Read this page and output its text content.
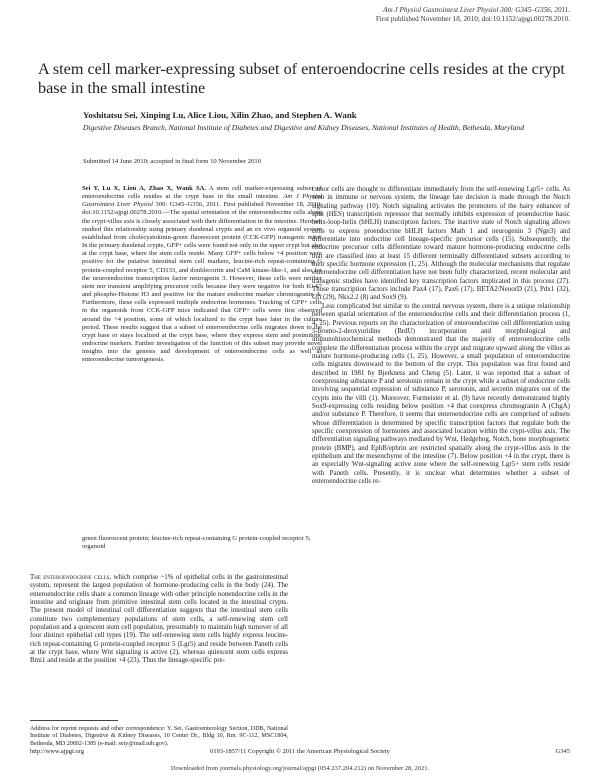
Am J Physiol Gastrointest Liver Physiol 300: G345–G356, 2011.
First published November 18, 2010; doi:10.1152/ajpgi.00278.2010.
A stem cell marker-expressing subset of enteroendocrine cells resides at the crypt base in the small intestine
Yoshitatsu Sei, Xinping Lu, Alice Liou, Xilin Zhao, and Stephen A. Wank
Digestive Diseases Branch, National Institute of Diabetes and Digestive and Kidney Diseases, National Institutes of Health, Bethesda, Maryland
Submitted 14 June 2010; accepted in final form 10 November 2010
Sei Y, Lu X, Liou A, Zhao X, Wank SA. A stem cell marker-expressing subset of enteroendocrine cells resides at the crypt base in the small intestine. Am J Physiol Gastrointest Liver Physiol 300: G345–G356, 2011. First published November 18, 2010; doi:10.1152/ajpgi.00278.2010.—The spatial orientation of the enteroendocrine cells along the crypt-villus axis is closely associated with their differentiation in the intestine. Here we studied this relationship using primary duodenal crypts and an ex vivo organoid system established from cholecystokinin-green fluorescent protein (CCK-GFP) transgenic mice. In the primary duodenal crypts, GFP+ cells were found not only in the upper crypt but also at the crypt base, where the stem cells reside. Many GFP+ cells below +4 position were positive for the putative intestinal stem cell markers, leucine-rich repeat-containing G protein-coupled receptor 5, CD133, and doublecortin and CaM kinase-like-1, and also for the neuroendocrine transcription factor neurogenin 3. However, these cells were neither stem nor transient amplifying precursor cells because they were negative for both Ki-67 and phospho-Histone H3 and positive for the mature endocrine marker chromogranin A. Furthermore, these cells expressed multiple endocrine hormones. Tracking of GFP+ cells in the organoids from CCK-GFP mice indicated that GFP+ cells were first observed around the +4 position, some of which localized to the crypt base later in the culture period. These results suggest that a subset of enteroendocrine cells migrates down to the crypt base or stays localized at the crypt base, where they express stem and postmitotic endocrine markers. Further investigation of the function of this subset may provide novel insights into the genesis and development of enteroendocrine cells as well as enteroendocrine tumorigenesis.
green fluorescent protein; leucine-rich repeat-containing G protein-coupled receptor 5; organoid
The enteroendocrine cells, which comprise ~1% of epithelial cells in the gastrointestinal system, represent the largest population of hormone-producing cells in the body (24). The enteroendocrine cells share a common lineage with other principle nonendocrine cells in the intestine and originate from primitive intestinal stem cells located in the intestinal crypts. The present model of intestinal cell differentiation suggests that the intestinal stem cells constitute two complementary populations of stem cells, a self-renewing stem cell population and a quiescent stem cell population, presumably to maintain high turnover of all four distinct epithelial cell types (19). The self-renewing stem cells highly express leucine-rich repeat-containing G protein-coupled receptor 5 (Lgr5) and reside between Paneth cells at the crypt base, where Wnt signaling is active (2), whereas quiescent stem cells express Bmi1 and reside at the position +4 (23). Thus the lineage-specific pre-

cursor cells are thought to differentiate immediately from the self-renewing Lgr5+ cells. As seen in immune or nervous system, the lineage fate decision is made through the Notch signaling pathway (10). Notch signaling activates the promoters of the hairy enhancer of split (HES) transcription repressor that normally inhibits expression of proendocrine basic helix-loop-helix (bHLH) transcription factors. The inactive state of Notch signaling allows cells to express proendocrine bHLH factors Math 1 and neurogenin 3 (Ngn3) and differentiate into endocrine cell lineage-specific precursor cells (15). Subsequently, the endocrine precursor cells differentiate toward mature hormone-producing endocrine cells that are classified into at least 15 different terminally differentiated subsets according to their specific hormone expression (1, 25). Although the molecular mechanisms that regulate enteroendocrine cell differentiation have not been fully characterized, recent molecular and transgenic studies have identified key transcription factors implicated in this process (27). Those transcription factors include Pax4 (17), Pax6 (17), BETA2/NeuorD (21), Pdx1 (32), Gfi (29), Nkx2.2 (8) and Sox9 (9).

Less complicated but similar to the central nervous system, there is a unique relationship between spatial orientation of the enteroendocrine cells and their differentiation process (1, 4, 25). Previous reports on the characterization of enteroendocrine cell differentiation using 5-bromo-2-deoxyuridine (BrdU) incorporation and morphological and immunohistochemical methods demonstrated that the majority of enteroendocrine cells complete the differentiation process within the crypt and migrate upward along the villus as mature hormone-producing cells (1, 25). However, a small population of enteroendocrine cells migrates downward to the bottom of the crypt. This population was first found and described in 1981 by Bjerkness and Cheng (5). Later, it was reported that a subset of coexpressing substance P and serotonin remain in the crypt while a subset of endocrine cells involving sequential expression of substance P, serotonin, and secretin migrates out of the crypts into the villi (1). Moreover, Formeister et al. (9) have recently demonstrated highly Sox9-expressing cells residing below position +4 that coexpress chromogranin A (ChgA) and/or substance P. Therefore, it seems that enteroendocrine cells are comprised of subsets whose differentiation is determined by specific transcription factors that regulate both the specific coexpression of hormones and associated location within the crypt-villus axis. The differentiation signaling pathways mediated by Wnt, Hedgehog, Notch, bone morphogenetic protein (BMP), and EphB/ephrin are restricted spatially along the crypt-villus axis in the epithelium and the mesenchyme of the intestine (7). Below position +4 in the crypt, there is an especially Wnt-signaling active zone where the self-renewing Lgr5+ stem cells reside with Paneth cells. Presently, it is unclear what determines whether a subset of enteroendocrine cells re-

Address for reprint requests and other correspondence: Y. Sei, Gastroenterology Section, DDB, National Institute of Diabetes, Digestive & Kidney Diseases, 10 Center Dr., Bldg 10, Rm. 9C-112, MSC1804, Bethesda, MD 20892-1385 (e-mail: seiy@mail.nih.gov).
http://www.ajpgi.org	0193-1857/11 Copyright © 2011 the American Physiological Society	G345
Downloaded from journals.physiology.org/journal/ajpgi (054.237.204.212) on November 28, 2021.
